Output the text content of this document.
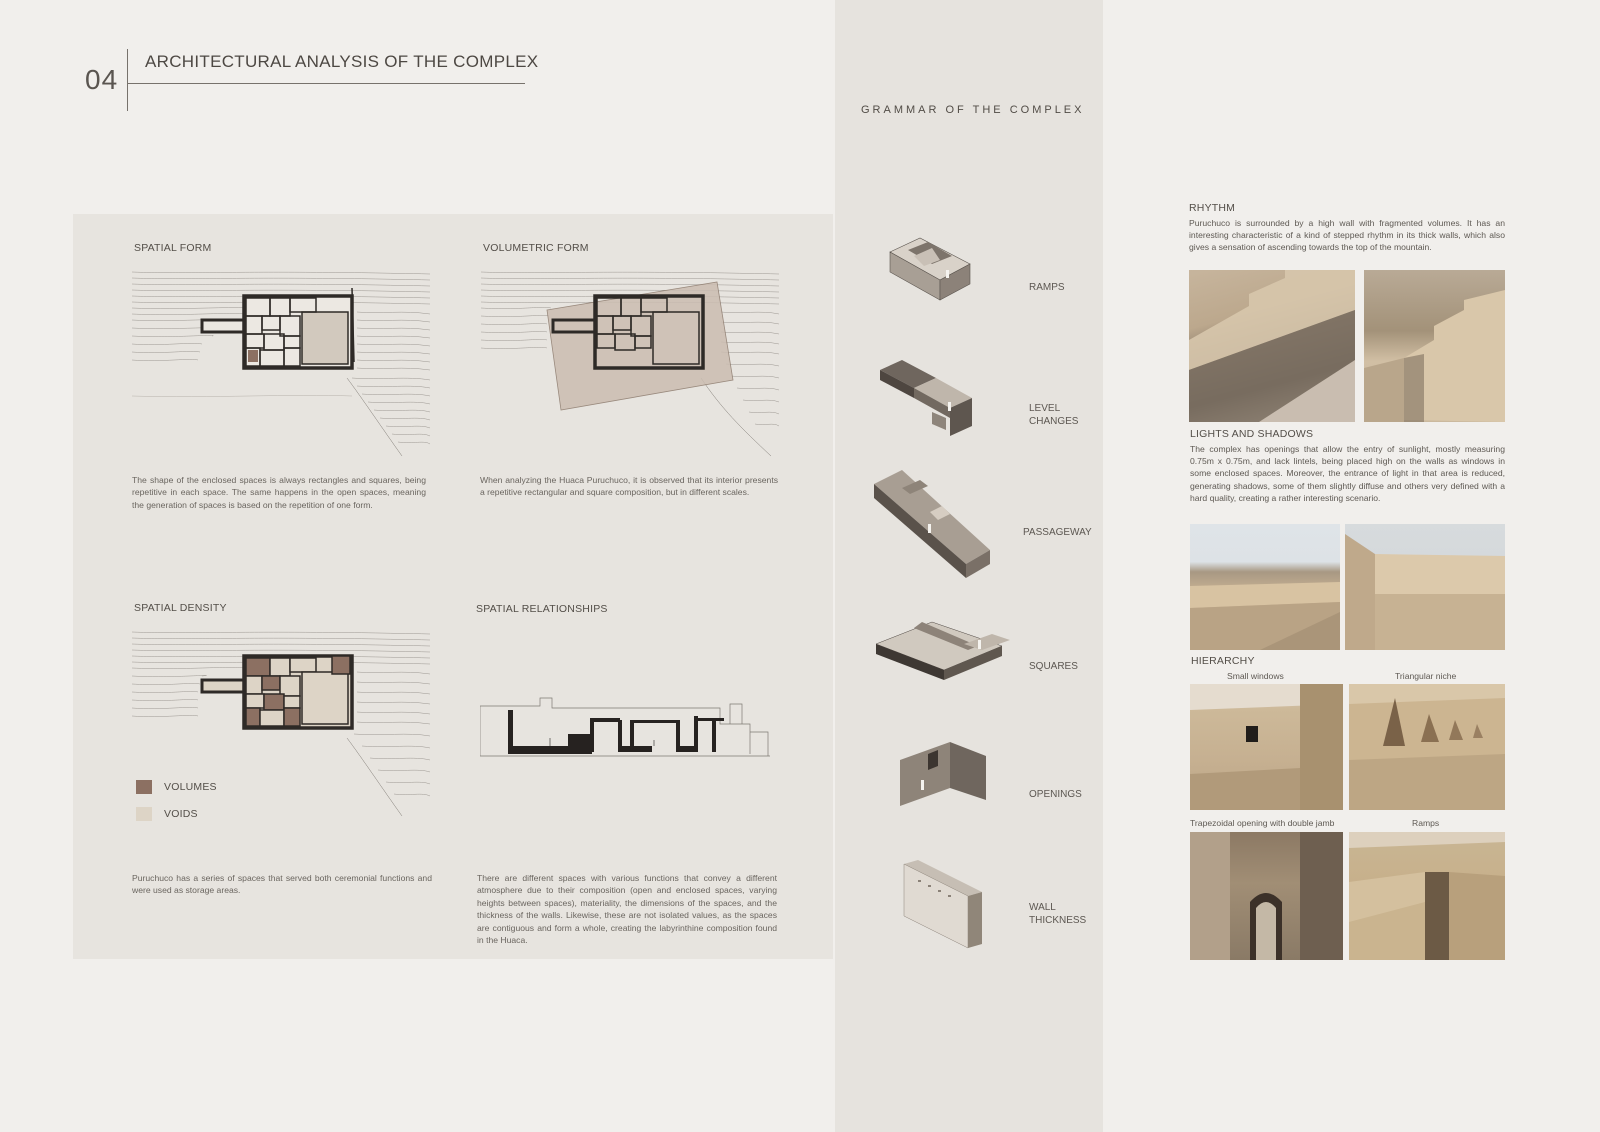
04
ARCHITECTURAL ANALYSIS OF THE COMPLEX
SPATIAL FORM
The shape of the enclosed spaces is always rectangles and squares, being repetitive in each space. The same happens in the open spaces, meaning the generation of spaces is based on the repetition of one form.
VOLUMETRIC FORM
When analyzing the Huaca Puruchuco, it is observed that its interior presents a repetitive rectangular and square composition, but in different scales.
SPATIAL DENSITY
VOLUMES
VOIDS
Puruchuco has a series of spaces that served both ceremonial functions and were used as storage areas.
SPATIAL RELATIONSHIPS
There are different spaces with various functions that convey a different atmosphere due to their composition (open and enclosed spaces, varying heights between spaces), materiality, the dimensions of the spaces, and the thickness of the walls. Likewise, these are not isolated values, as the spaces are contiguous and form a whole, creating the labyrinthine composition found in the Huaca.
GRAMMAR OF THE COMPLEX
RAMPS
LEVEL CHANGES
PASSAGEWAY
SQUARES
OPENINGS
WALL THICKNESS
RHYTHM
Puruchuco is surrounded by a high wall with fragmented volumes. It has an interesting characteristic of a kind of stepped rhythm in its thick walls, which also gives a sensation of ascending towards the top of the mountain.
LIGHTS AND SHADOWS
The complex has openings that allow the entry of sunlight, mostly measuring 0.75m x 0.75m, and lack lintels, being placed high on the walls as windows in some enclosed spaces. Moreover, the entrance of light in that area is reduced, generating shadows, some of them slightly diffuse and others very defined with a hard quality, creating a rather interesting scenario.
HIERARCHY
Small windows	Triangular niche
Trapezoidal opening with double jamb	Ramps
